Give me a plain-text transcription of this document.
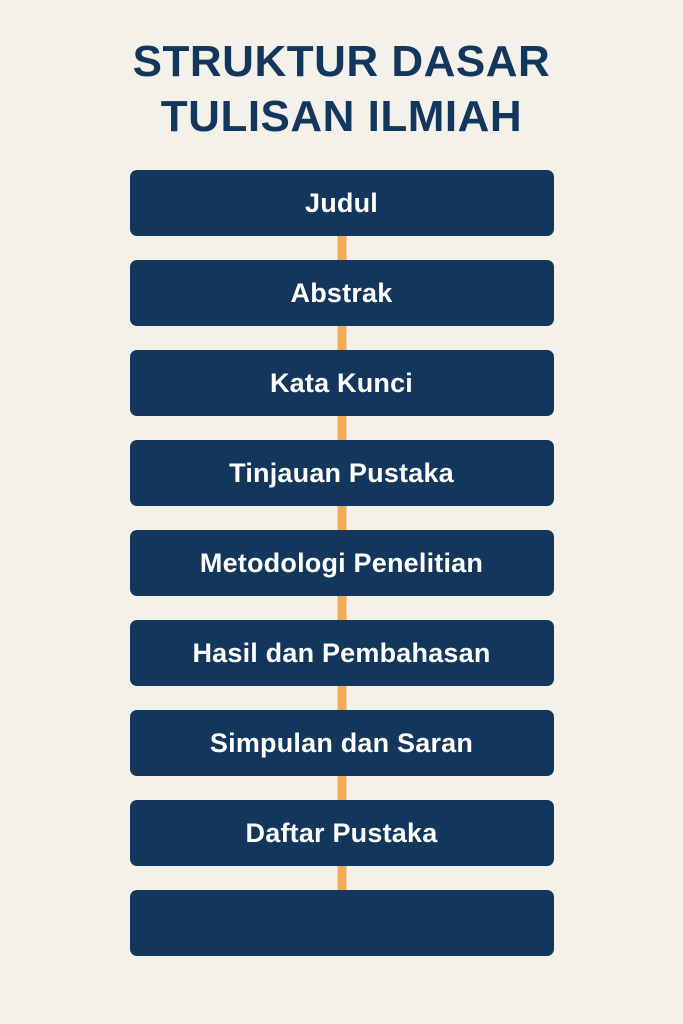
STRUKTUR DASAR
TULISAN ILMIAH
Judul
Abstrak
Kata Kunci
Tinjauan Pustaka
Metodologi Penelitian
Hasil dan Pembahasan
Simpulan dan Saran
Daftar Pustaka
